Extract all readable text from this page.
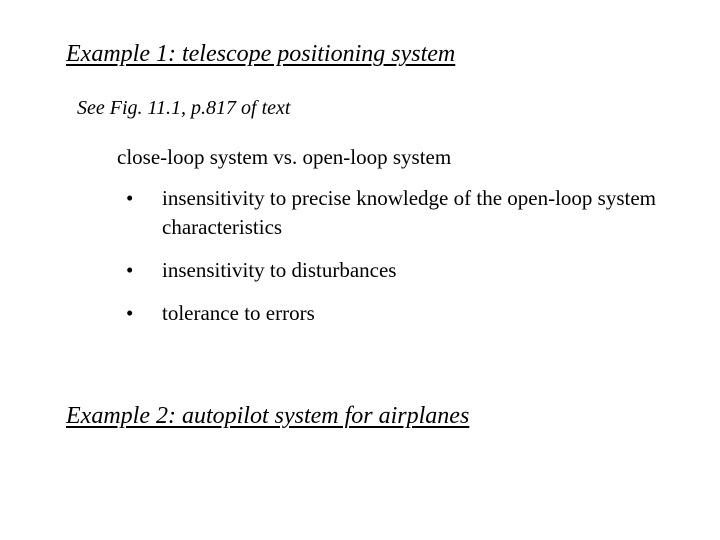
Example 1: telescope positioning system
See Fig. 11.1, p.817 of text
close-loop system vs. open-loop system
• insensitivity to precise knowledge of the open-loop system characteristics
• insensitivity to disturbances
• tolerance to errors
Example 2: autopilot system for airplanes
